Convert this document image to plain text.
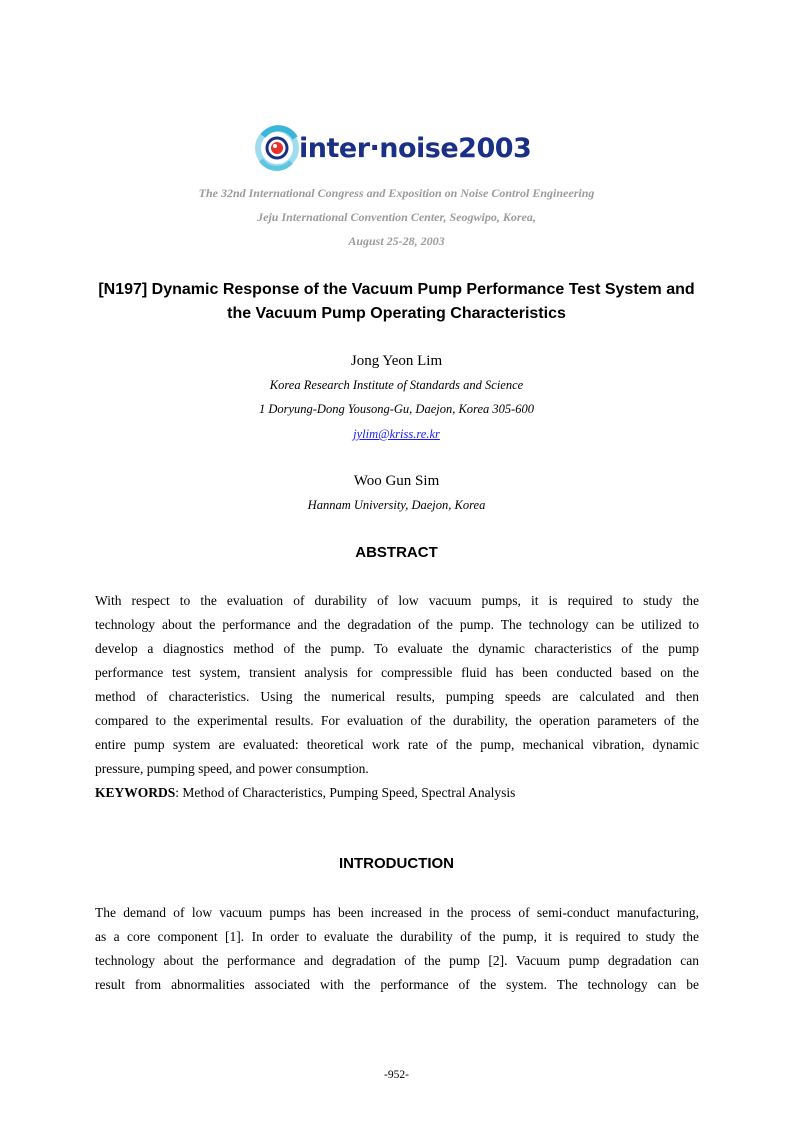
inter·noise2003
The 32nd International Congress and Exposition on Noise Control Engineering
Jeju International Convention Center, Seogwipo, Korea,
August 25-28, 2003
[N197] Dynamic Response of the Vacuum Pump Performance Test System and
the Vacuum Pump Operating Characteristics
Jong Yeon Lim
Korea Research Institute of Standards and Science
1 Doryung-Dong Yousong-Gu, Daejon, Korea 305-600
jylim@kriss.re.kr
Woo Gun Sim
Hannam University, Daejon, Korea
ABSTRACT
With respect to the evaluation of durability of low vacuum pumps, it is required to study the
technology about the performance and the degradation of the pump. The technology can be utilized to
develop a diagnostics method of the pump. To evaluate the dynamic characteristics of the pump
performance test system, transient analysis for compressible fluid has been conducted based on the
method of characteristics. Using the numerical results, pumping speeds are calculated and then
compared to the experimental results. For evaluation of the durability, the operation parameters of the
entire pump system are evaluated: theoretical work rate of the pump, mechanical vibration, dynamic
pressure, pumping speed, and power consumption.
KEYWORDS: Method of Characteristics, Pumping Speed, Spectral Analysis
INTRODUCTION
The demand of low vacuum pumps has been increased in the process of semi-conduct manufacturing,
as a core component [1]. In order to evaluate the durability of the pump, it is required to study the
technology about the performance and degradation of the pump [2]. Vacuum pump degradation can
result from abnormalities associated with the performance of the system. The technology can be
-952-
